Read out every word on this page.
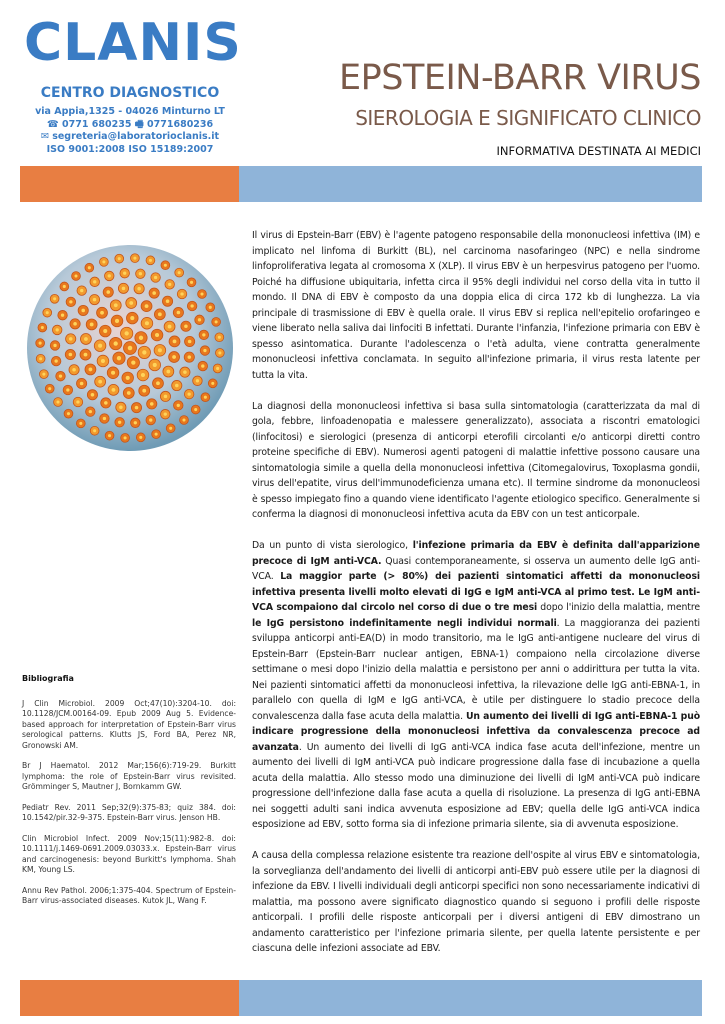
CLANIS
CENTRO DIAGNOSTICO
via Appia,1325 - 04026 Minturno LT
☎ 0771 680235 🖷 0771680236
✉ segreteria@laboratorioclanis.it
ISO 9001:2008 ISO 15189:2007
EPSTEIN-BARR VIRUS
SIEROLOGIA E SIGNIFICATO CLINICO
INFORMATIVA DESTINATA AI MEDICI
Bibliografia

J Clin Microbiol. 2009 Oct;47(10):3204-10. doi: 10.1128/JCM.00164-09. Epub 2009 Aug 5. Evidence-based approach for interpretation of Epstein-Barr virus serological patterns. Klutts JS, Ford BA, Perez NR, Gronowski AM.

Br J Haematol. 2012 Mar;156(6):719-29. Burkitt lymphoma: the role of Epstein-Barr virus revisited. Grömminger S, Mautner J, Bornkamm GW.

Pediatr Rev. 2011 Sep;32(9):375-83; quiz 384. doi: 10.1542/pir.32-9-375. Epstein-Barr virus. Jenson HB.

Clin Microbiol Infect. 2009 Nov;15(11):982-8. doi: 10.1111/j.1469-0691.2009.03033.x. Epstein-Barr virus and carcinogenesis: beyond Burkitt's lymphoma. Shah KM, Young LS.

Annu Rev Pathol. 2006;1:375-404. Spectrum of Epstein-Barr virus-associated diseases. Kutok JL, Wang F.

Il virus di Epstein-Barr (EBV) è l'agente patogeno responsabile della mononucleosi infettiva (IM) e implicato nel linfoma di Burkitt (BL), nel carcinoma nasofaringeo (NPC) e nella sindrome linfoproliferativa legata al cromosoma X (XLP). Il virus EBV è un herpesvirus patogeno per l'uomo. Poiché ha diffusione ubiquitaria, infetta circa il 95% degli individui nel corso della vita in tutto il mondo. Il DNA di EBV è composto da una doppia elica di circa 172 kb di lunghezza. La via principale di trasmissione di EBV è quella orale. Il virus EBV si replica nell'epitelio orofaringeo e viene liberato nella saliva dai linfociti B infettati. Durante l'infanzia, l'infezione primaria con EBV è spesso asintomatica. Durante l'adolescenza o l'età adulta, viene contratta generalmente mononucleosi infettiva conclamata. In seguito all'infezione primaria, il virus resta latente per tutta la vita.

La diagnosi della mononucleosi infettiva si basa sulla sintomatologia (caratterizzata da mal di gola, febbre, linfoadenopatia e malessere generalizzato), associata a riscontri ematologici (linfocitosi) e sierologici (presenza di anticorpi eterofili circolanti e/o anticorpi diretti contro proteine specifiche di EBV). Numerosi agenti patogeni di malattie infettive possono causare una sintomatologia simile a quella della mononucleosi infettiva (Citomegalovirus, Toxoplasma gondii, virus dell'epatite, virus dell'immunodeficienza umana etc). Il termine sindrome da mononucleosi è spesso impiegato fino a quando viene identificato l'agente etiologico specifico. Generalmente si conferma la diagnosi di mononucleosi infettiva acuta da EBV con un test anticorpale.

Da un punto di vista sierologico, l'infezione primaria da EBV è definita dall'apparizione precoce di IgM anti-VCA. Quasi contemporaneamente, si osserva un aumento delle IgG anti-VCA. La maggior parte (> 80%) dei pazienti sintomatici affetti da mononucleosi infettiva presenta livelli molto elevati di IgG e IgM anti-VCA al primo test. Le IgM anti-VCA scompaiono dal circolo nel corso di due o tre mesi dopo l'inizio della malattia, mentre le IgG persistono indefinitamente negli individui normali. La maggioranza dei pazienti sviluppa anticorpi anti-EA(D) in modo transitorio, ma le IgG anti-antigene nucleare del virus di Epstein-Barr (Epstein-Barr nuclear antigen, EBNA-1) compaiono nella circolazione diverse settimane o mesi dopo l'inizio della malattia e persistono per anni o addirittura per tutta la vita. Nei pazienti sintomatici affetti da mononucleosi infettiva, la rilevazione delle IgG anti-EBNA-1, in parallelo con quella di IgM e IgG anti-VCA, è utile per distinguere lo stadio precoce della convalescenza dalla fase acuta della malattia. Un aumento dei livelli di IgG anti-EBNA-1 può indicare progressione della mononucleosi infettiva da convalescenza precoce ad avanzata. Un aumento dei livelli di IgG anti-VCA indica fase acuta dell'infezione, mentre un aumento dei livelli di IgM anti-VCA può indicare progressione dalla fase di incubazione a quella acuta della malattia. Allo stesso modo una diminuzione dei livelli di IgM anti-VCA può indicare progressione dell'infezione dalla fase acuta a quella di risoluzione. La presenza di IgG anti-EBNA nei soggetti adulti sani indica avvenuta esposizione ad EBV; quella delle IgG anti-VCA indica esposizione ad EBV, sotto forma sia di infezione primaria silente, sia di avvenuta esposizione.

A causa della complessa relazione esistente tra reazione dell'ospite al virus EBV e sintomatologia, la sorveglianza dell'andamento dei livelli di anticorpi anti-EBV può essere utile per la diagnosi di infezione da EBV. I livelli individuali degli anticorpi specifici non sono necessariamente indicativi di malattia, ma possono avere significato diagnostico quando si seguono i profili delle risposte anticorpali. I profili delle risposte anticorpali per i diversi antigeni di EBV dimostrano un andamento caratteristico per l'infezione primaria silente, per quella latente persistente e per ciascuna delle infezioni associate ad EBV.
